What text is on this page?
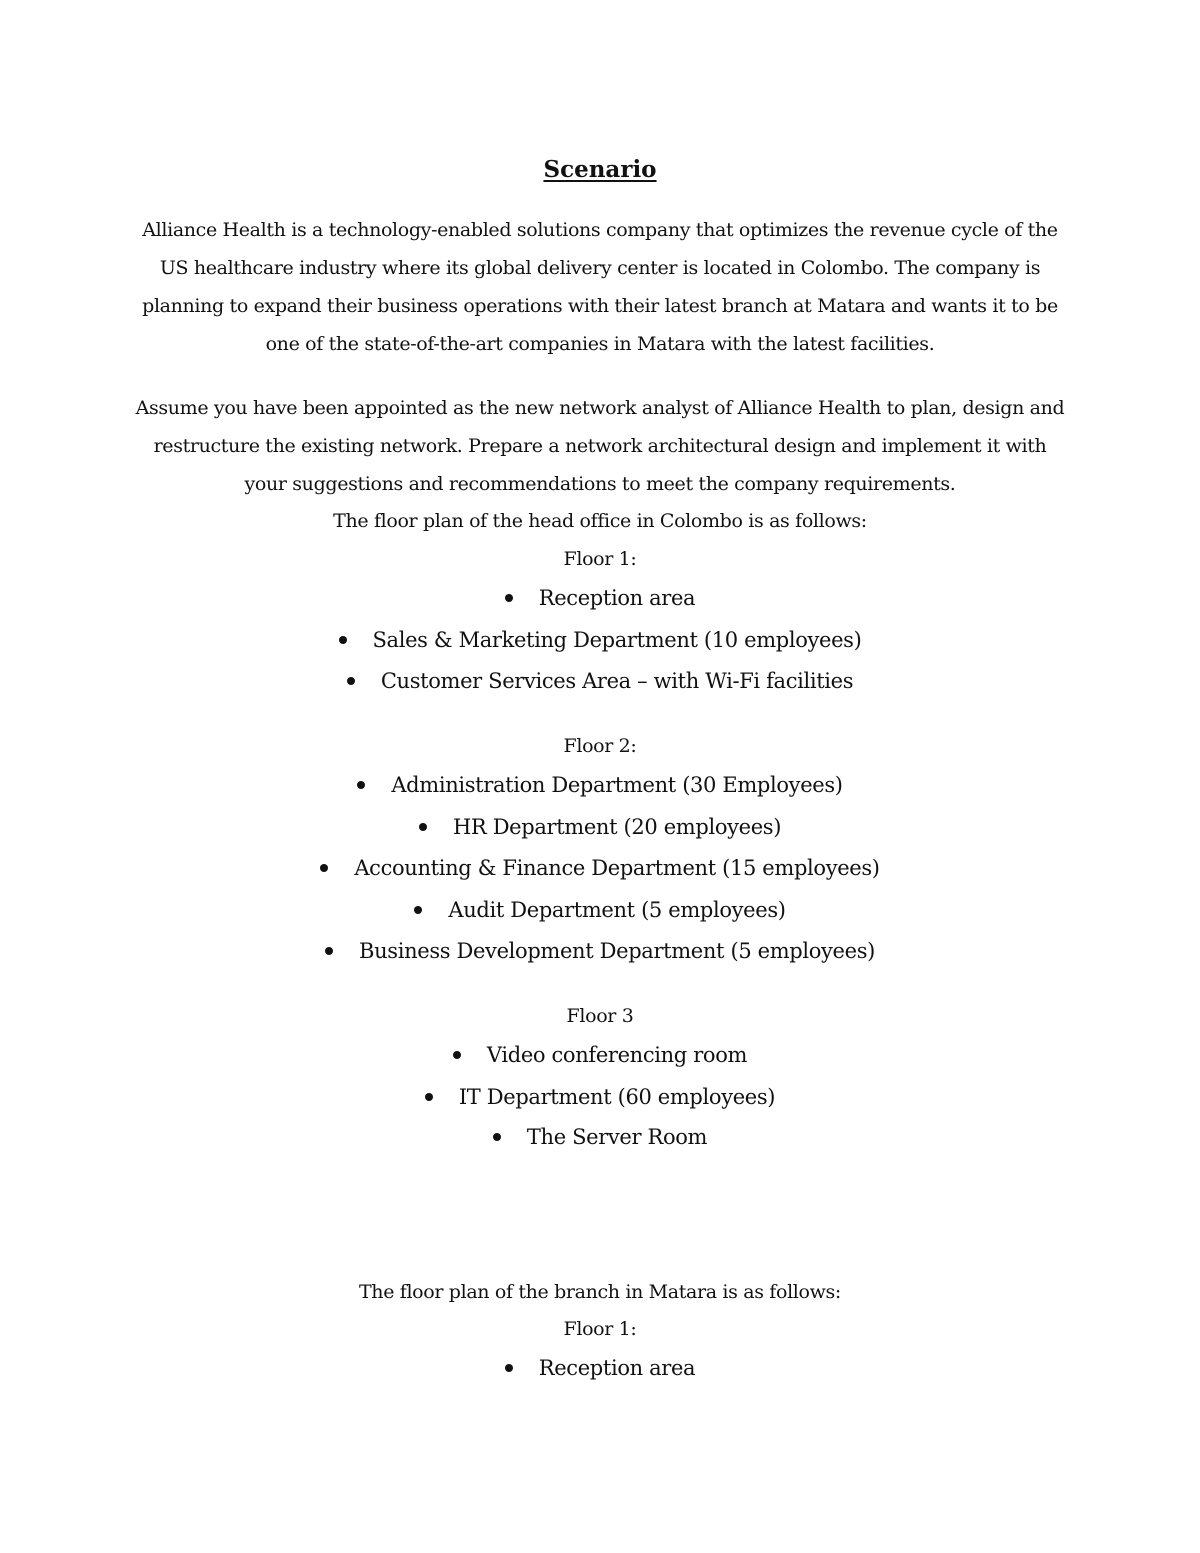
Scenario
Alliance Health is a technology-enabled solutions company that optimizes the revenue cycle of the
US healthcare industry where its global delivery center is located in Colombo. The company is
planning to expand their business operations with their latest branch at Matara and wants it to be
one of the state-of-the-art companies in Matara with the latest facilities.
Assume you have been appointed as the new network analyst of Alliance Health to plan, design and
restructure the existing network. Prepare a network architectural design and implement it with
your suggestions and recommendations to meet the company requirements.
The floor plan of the head office in Colombo is as follows:
Floor 1:
Reception area
Sales & Marketing Department (10 employees)
Customer Services Area – with Wi-Fi facilities
Floor 2:
Administration Department (30 Employees)
HR Department (20 employees)
Accounting & Finance Department (15 employees)
Audit Department (5 employees)
Business Development Department (5 employees)
Floor 3
Video conferencing room
IT Department (60 employees)
The Server Room
The floor plan of the branch in Matara is as follows:
Floor 1:
Reception area
